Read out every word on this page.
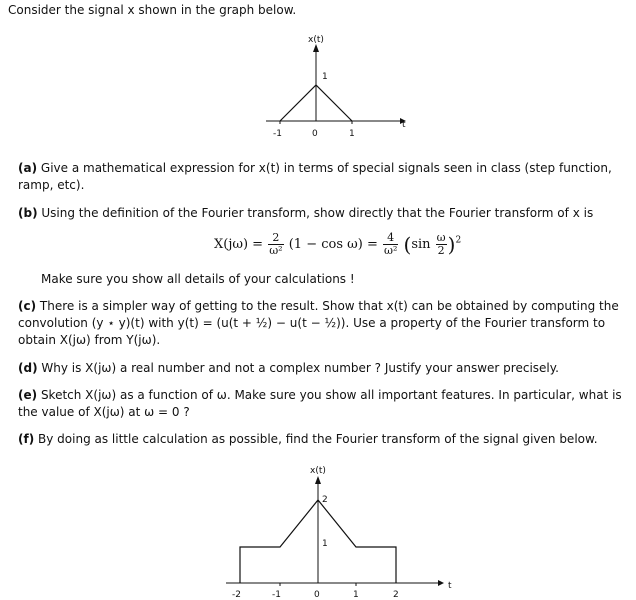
Consider the signal x shown in the graph below.
x(t)
1
t
-1	0	1
(a) Give a mathematical expression for x(t) in terms of special signals seen in class (step function, ramp, etc).
(b) Using the definition of the Fourier transform, show directly that the Fourier transform of x is
$X(j\omega) = \frac{2}{\text{ω²}} (1 - \cos \omega) = \frac{4}{\text{ω²}} (\sin \frac{\omega}{2} )^2$
Make sure you show all details of your calculations !
(c) There is a simpler way of getting to the result. Show that x(t) can be obtained by computing the convolution (y ⋆ y)(t) with y(t) = (u(t + ½) − u(t − ½)). Use a property of the Fourier transform to obtain X(jω) from Y(jω).
(d) Why is X(jω) a real number and not a complex number ? Justify your answer precisely.
(e) Sketch X(jω) as a function of ω. Make sure you show all important features. In particular, what is the value of X(jω) at ω = 0 ?
(f) By doing as little calculation as possible, find the Fourier transform of the signal given below.
x(t)
2
1
t
-2	-1	0	1	2
